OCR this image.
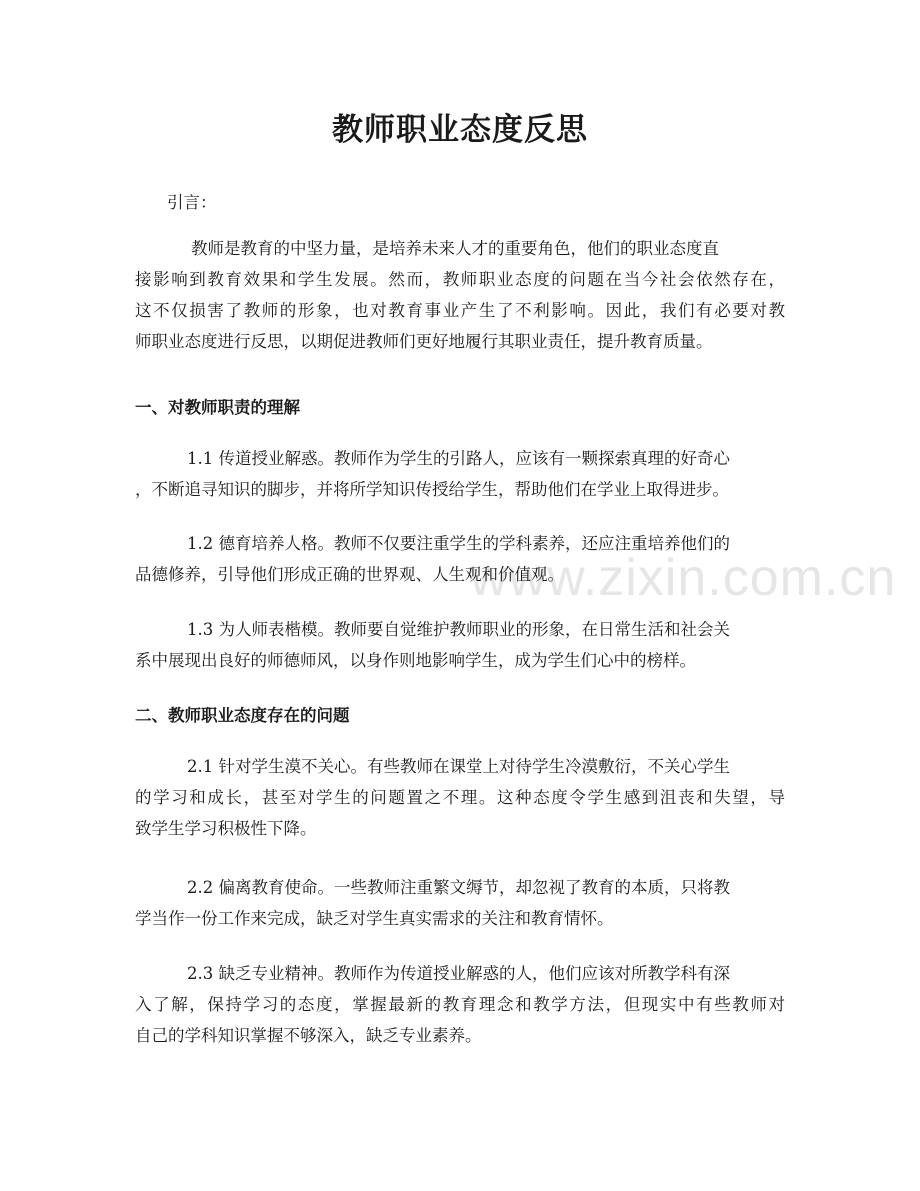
www.zixin.com.cn
教师职业态度反思

引言：

教师是教育的中坚力量，是培养未来人才的重要角色，他们的职业态度直
接影响到教育效果和学生发展。然而，教师职业态度的问题在当今社会依然存在，
这不仅损害了教师的形象，也对教育事业产生了不利影响。因此，我们有必要对教
师职业态度进行反思，以期促进教师们更好地履行其职业责任，提升教育质量。

一、对教师职责的理解

1.1 传道授业解惑。教师作为学生的引路人，应该有一颗探索真理的好奇心
，不断追寻知识的脚步，并将所学知识传授给学生，帮助他们在学业上取得进步。

1.2 德育培养人格。教师不仅要注重学生的学科素养，还应注重培养他们的
品德修养，引导他们形成正确的世界观、人生观和价值观。

1.3 为人师表楷模。教师要自觉维护教师职业的形象，在日常生活和社会关
系中展现出良好的师德师风，以身作则地影响学生，成为学生们心中的榜样。

二、教师职业态度存在的问题

2.1 针对学生漠不关心。有些教师在课堂上对待学生冷漠敷衍，不关心学生
的学习和成长，甚至对学生的问题置之不理。这种态度令学生感到沮丧和失望，导
致学生学习积极性下降。

2.2 偏离教育使命。一些教师注重繁文缛节，却忽视了教育的本质，只将教
学当作一份工作来完成，缺乏对学生真实需求的关注和教育情怀。

2.3 缺乏专业精神。教师作为传道授业解惑的人，他们应该对所教学科有深
入了解，保持学习的态度，掌握最新的教育理念和教学方法，但现实中有些教师对
自己的学科知识掌握不够深入，缺乏专业素养。
